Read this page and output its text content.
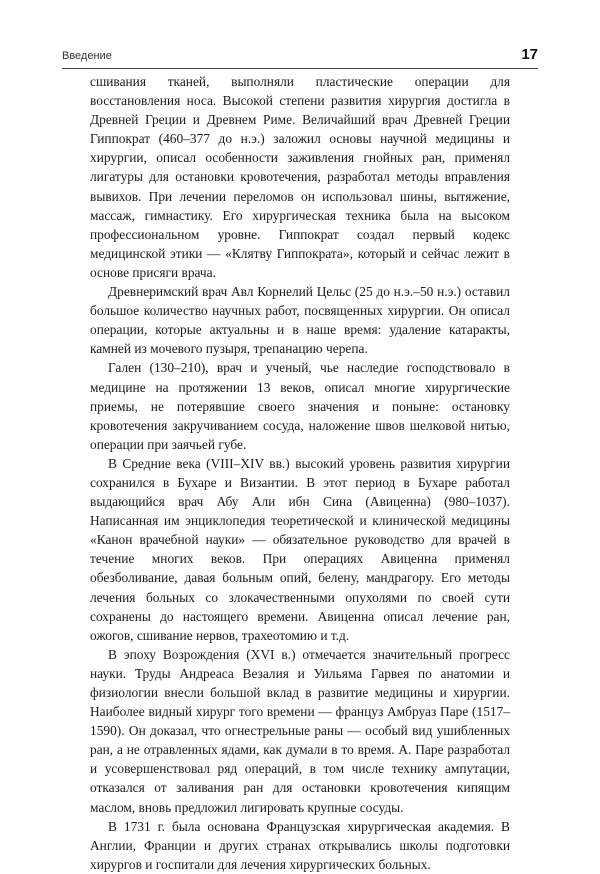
Введение	17

сшивания тканей, выполняли пластические операции для восстановления носа. Высокой степени развития хирургия достигла в Древней Греции и Древнем Риме. Величайший врач Древней Греции Гиппократ (460–377 до н.э.) заложил основы научной медицины и хирургии, описал особенности заживления гнойных ран, применял лигатуры для остановки кровотечения, разработал методы вправления вывихов. При лечении переломов он использовал шины, вытяжение, массаж, гимнастику. Его хирургическая техника была на высоком профессиональном уровне. Гиппократ создал первый кодекс медицинской этики — «Клятву Гиппократа», который и сейчас лежит в основе присяги врача.

Древнеримский врач Авл Корнелий Цельс (25 до н.э.–50 н.э.) оставил большое количество научных работ, посвященных хирургии. Он описал операции, которые актуальны и в наше время: удаление катаракты, камней из мочевого пузыря, трепанацию черепа.

Гален (130–210), врач и ученый, чье наследие господствовало в медицине на протяжении 13 веков, описал многие хирургические приемы, не потерявшие своего значения и поныне: остановку кровотечения закручиванием сосуда, наложение швов шелковой нитью, операции при заячьей губе.

В Средние века (VIII–XIV вв.) высокий уровень развития хирургии сохранился в Бухаре и Византии. В этот период в Бухаре работал выдающийся врач Абу Али ибн Сина (Авиценна) (980–1037). Написанная им энциклопедия теоретической и клинической медицины «Канон врачебной науки» — обязательное руководство для врачей в течение многих веков. При операциях Авиценна применял обезболивание, давая больным опий, белену, мандрагору. Его методы лечения больных со злокачественными опухолями по своей сути сохранены до настоящего времени. Авиценна описал лечение ран, ожогов, сшивание нервов, трахеотомию и т.д.

В эпоху Возрождения (XVI в.) отмечается значительный прогресс науки. Труды Андреаса Везалия и Уильяма Гарвея по анатомии и физиологии внесли большой вклад в развитие медицины и хирургии. Наиболее видный хирург того времени — француз Амбруаз Паре (1517–1590). Он доказал, что огнестрельные раны — особый вид ушибленных ран, а не отравленных ядами, как думали в то время. А. Паре разработал и усовершенствовал ряд операций, в том числе технику ампутации, отказался от заливания ран для остановки кровотечения кипящим маслом, вновь предложил лигировать крупные сосуды.

В 1731 г. была основана Французская хирургическая академия. В Англии, Франции и других странах открывались школы подготовки хирургов и госпитали для лечения хирургических больных.
